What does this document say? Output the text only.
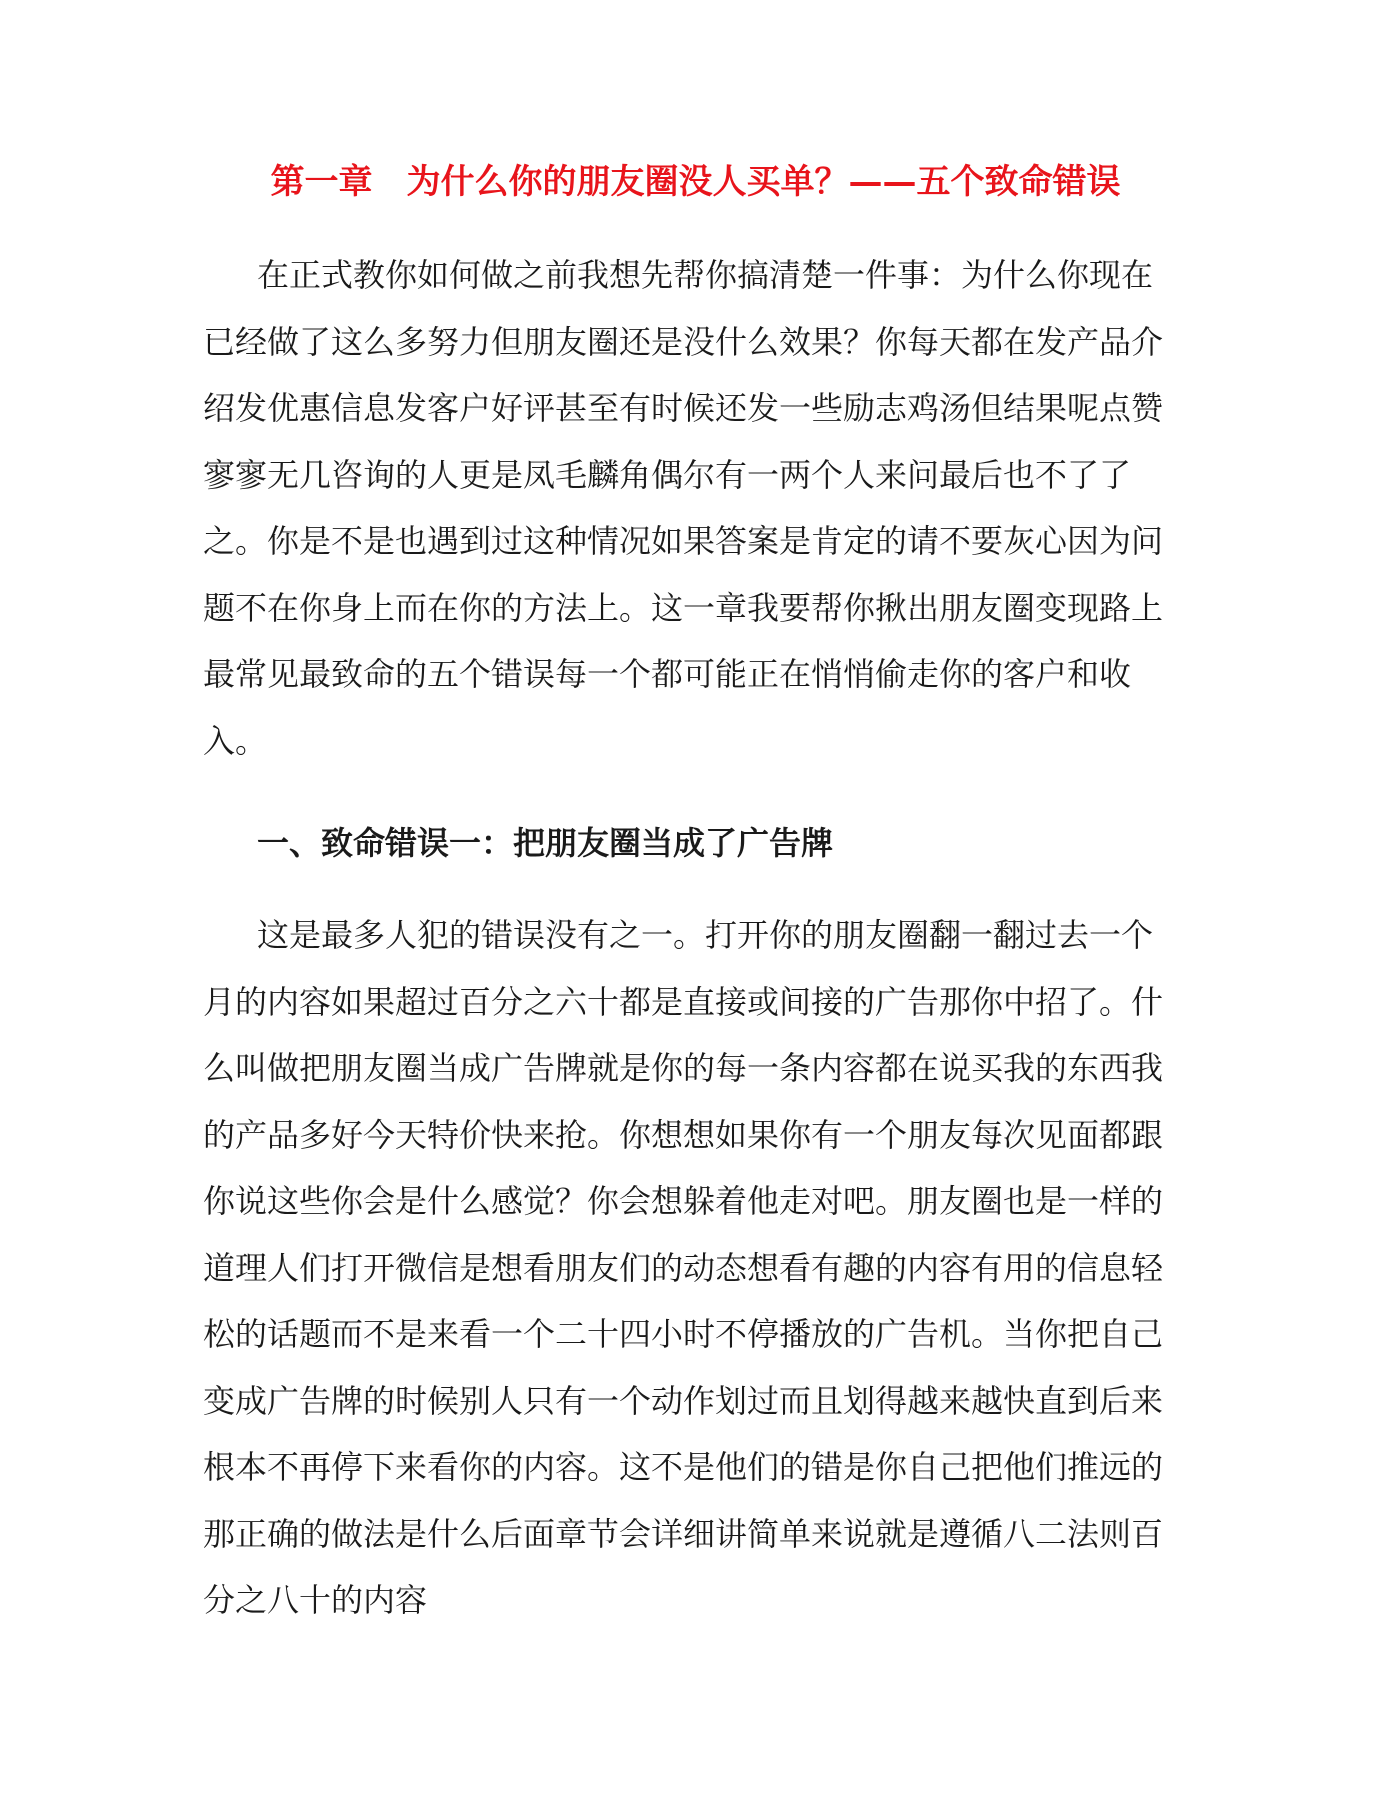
第一章 为什么你的朋友圈没人买单？——五个致命错误

在正式教你如何做之前我想先帮你搞清楚一件事：为什么你现在已经做了这么多努力但朋友圈还是没什么效果？你每天都在发产品介绍发优惠信息发客户好评甚至有时候还发一些励志鸡汤但结果呢点赞寥寥无几咨询的人更是凤毛麟角偶尔有一两个人来问最后也不了了之。你是不是也遇到过这种情况如果答案是肯定的请不要灰心因为问题不在你身上而在你的方法上。这一章我要帮你揪出朋友圈变现路上最常见最致命的五个错误每一个都可能正在悄悄偷走你的客户和收入。

一、致命错误一：把朋友圈当成了广告牌

这是最多人犯的错误没有之一。打开你的朋友圈翻一翻过去一个月的内容如果超过百分之六十都是直接或间接的广告那你中招了。什么叫做把朋友圈当成广告牌就是你的每一条内容都在说买我的东西我的产品多好今天特价快来抢。你想想如果你有一个朋友每次见面都跟你说这些你会是什么感觉？你会想躲着他走对吧。朋友圈也是一样的道理人们打开微信是想看朋友们的动态想看有趣的内容有用的信息轻松的话题而不是来看一个二十四小时不停播放的广告机。当你把自己变成广告牌的时候别人只有一个动作划过而且划得越来越快直到后来根本不再停下来看你的内容。这不是他们的错是你自己把他们推远的那正确的做法是什么后面章节会详细讲简单来说就是遵循八二法则百分之八十的内容
